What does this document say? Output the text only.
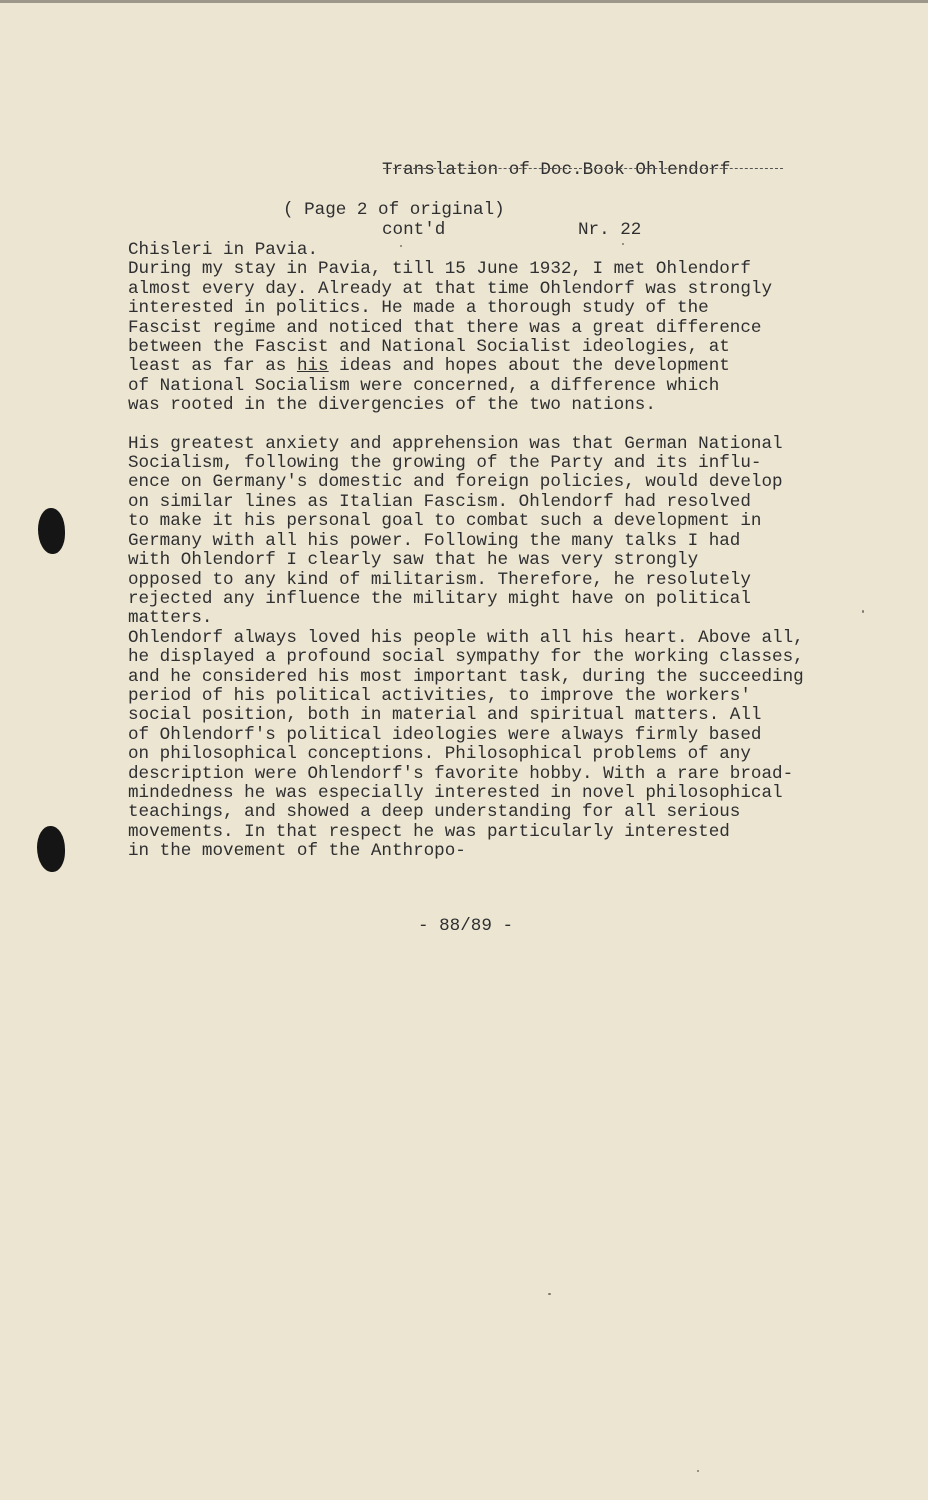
Translation of Doc.Book Ohlendorf

cont'd	Nr. 22

( Page 2 of original)
Chisleri in Pavia.
During my stay in Pavia, till 15 June 1932, I met Ohlendorf
almost every day. Already at that time Ohlendorf was strongly
interested in politics. He made a thorough study of the
Fascist regime and noticed that there was a great difference
between the Fascist and National Socialist ideologies, at
least as far as his ideas and hopes about the development
of National Socialism were concerned, a difference which
was rooted in the divergencies of the two nations.
His greatest anxiety and apprehension was that German National
Socialism, following the growing of the Party and its influ-
ence on Germany's domestic and foreign policies, would develop
on similar lines as Italian Fascism. Ohlendorf had resolved
to make it his personal goal to combat such a development in
Germany with all his power. Following the many talks I had
with Ohlendorf I clearly saw that he was very strongly
opposed to any kind of militarism. Therefore, he resolutely
rejected any influence the military might have on political
matters.
Ohlendorf always loved his people with all his heart. Above all,
he displayed a profound social sympathy for the working classes,
and he considered his most important task, during the succeeding
period of his political activities, to improve the workers'
social position, both in material and spiritual matters. All
of Ohlendorf's political ideologies were always firmly based
on philosophical conceptions. Philosophical problems of any
description were Ohlendorf's favorite hobby. With a rare broad-
mindedness he was especially interested in novel philosophical
teachings, and showed a deep understanding for all serious
movements. In that respect he was particularly interested
in the movement of the Anthropo-
- 88/89 -
